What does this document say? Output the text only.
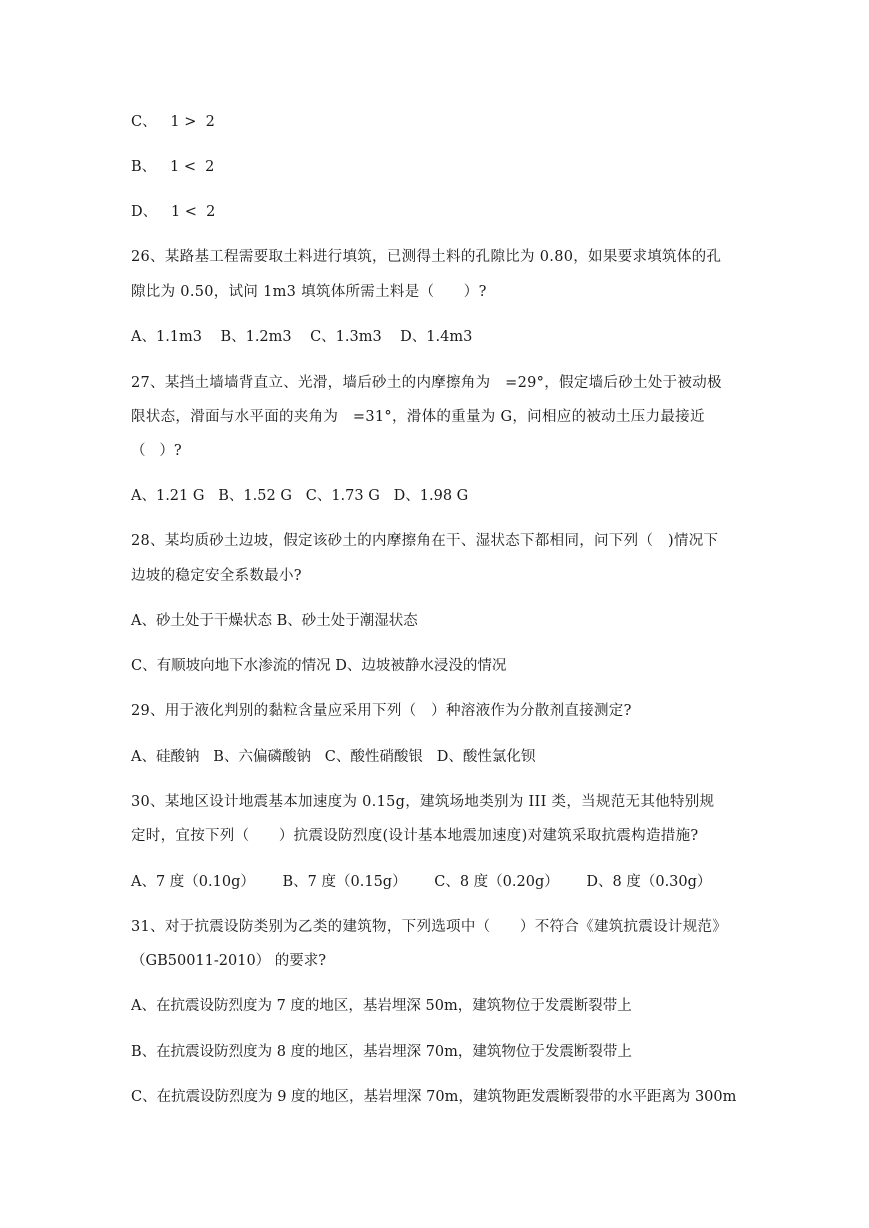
C、   1 >  2
B、   1 <  2
D、   1 <  2
26、某路基工程需要取土料进行填筑，已测得土料的孔隙比为 0.80，如果要求填筑体的孔
隙比为 0.50，试问 1m3 填筑体所需土料是（      ）?
A、1.1m3    B、1.2m3    C、1.3m3    D、1.4m3
27、某挡土墙墙背直立、光滑，墙后砂土的内摩擦角为   =29°，假定墙后砂土处于被动极
限状态，滑面与水平面的夹角为   =31°，滑体的重量为 G，问相应的被动土压力最接近
（   ）?
A、1.21 G   B、1.52 G   C、1.73 G   D、1.98 G
28、某均质砂土边坡，假定该砂土的内摩擦角在干、湿状态下都相同，问下列（   )情况下
边坡的稳定安全系数最小?
A、砂土处于干燥状态 B、砂土处于潮湿状态
C、有顺坡向地下水渗流的情况 D、边坡被静水浸没的情况
29、用于液化判别的黏粒含量应采用下列（   ）种溶液作为分散剂直接测定?
A、硅酸钠   B、六偏磷酸钠   C、酸性硝酸银   D、酸性氯化钡
30、某地区设计地震基本加速度为 0.15g，建筑场地类别为 III 类，当规范无其他特别规
定时，宜按下列（      ）抗震设防烈度(设计基本地震加速度)对建筑采取抗震构造措施?
A、7 度（0.10g）      B、7 度（0.15g）      C、8 度（0.20g）      D、8 度（0.30g）
31、对于抗震设防类别为乙类的建筑物，下列选项中（      ）不符合《建筑抗震设计规范》
（GB50011-2010） 的要求?
A、在抗震设防烈度为 7 度的地区，基岩埋深 50m，建筑物位于发震断裂带上
B、在抗震设防烈度为 8 度的地区，基岩埋深 70m，建筑物位于发震断裂带上
C、在抗震设防烈度为 9 度的地区，基岩埋深 70m，建筑物距发震断裂带的水平距离为 300m
